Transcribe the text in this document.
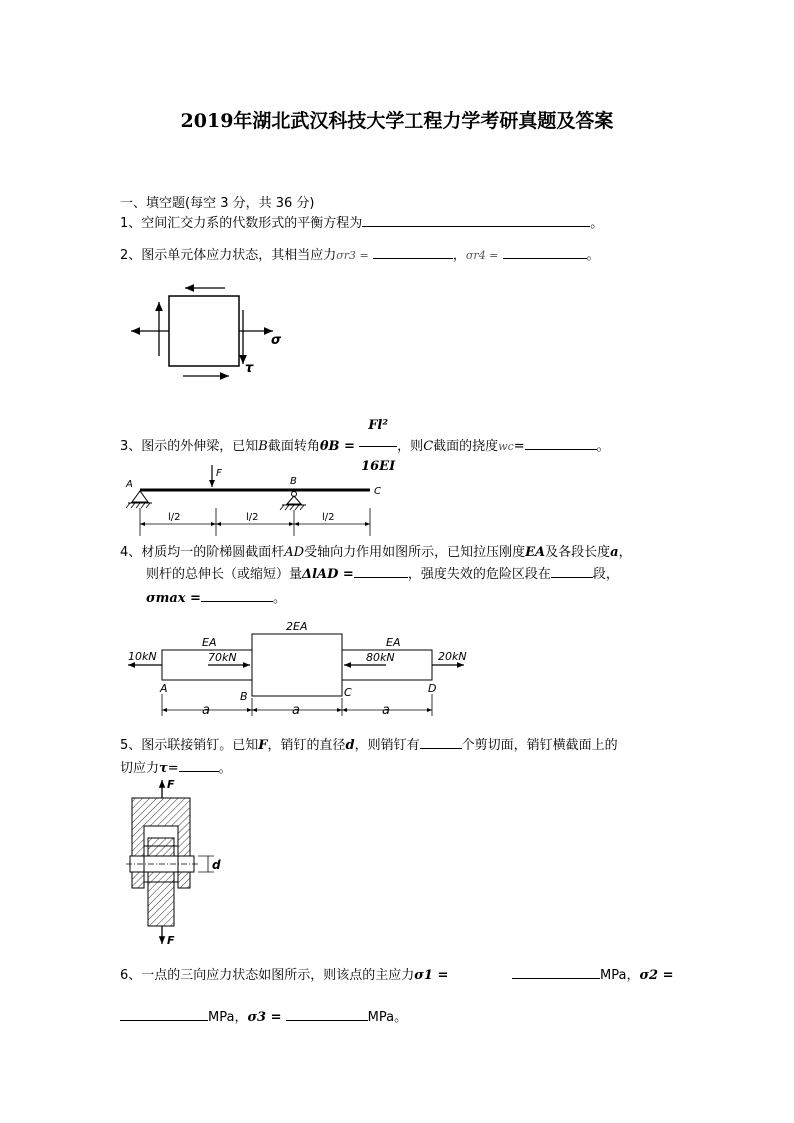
2019年湖北武汉科技大学工程力学考研真题及答案
一、填空题(每空 3 分，共 36 分)
1、空间汇交力系的代数形式的平衡方程为	。
2、图示单元体应力状态，其相当应力σr3 =	，σr4 =	。
σ
τ
3、图示的外伸梁，已知B截面转角$\theta B = \frac{\text{Fl²}}{16EI}$ ，则C截面的挠度wc=	。
F
A	B
C
l/2	l/2	l/2
4、材质均一的阶梯圆截面杆AD受轴向力作用如图所示，已知拉压刚度EA及各段长度a，
则杆的总伸长（或缩短）量ΔlAD =	，强度失效的危险区段在	段，
σmax =	。
10kN
EA
70kN
2EA
EA
80kN	20kN
A
B	C	D
a	a	a
5、图示联接销钉。已知F，销钉的直径d，则销钉有	个剪切面，销钉横截面上的
切应力τ=	。
F
F
d
6、一点的三向应力状态如图所示，则该点的主应力σ1 =	MPa，σ2 =
MPa，σ3 =	MPa。
